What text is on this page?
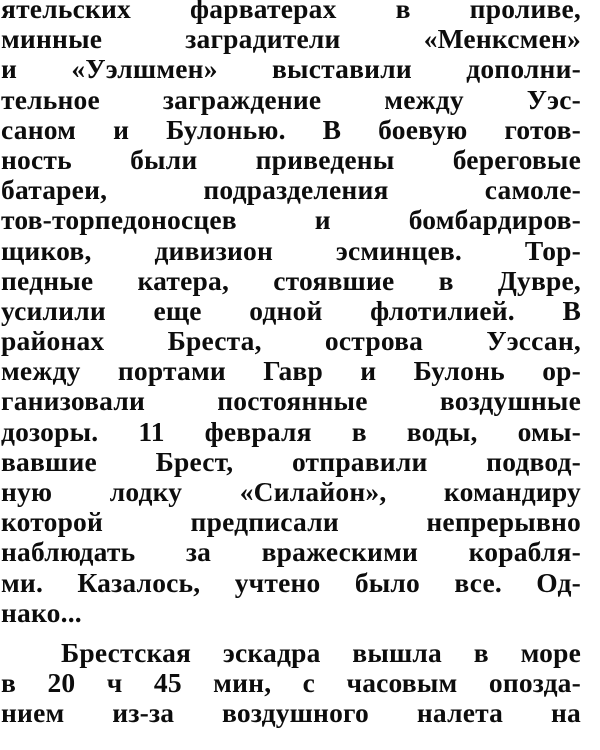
ятельских фарватерах в проливе,
минные заградители «Менксмен»
и «Уэлшмен» выставили дополни-
тельное заграждение между Уэс-
саном и Булонью. В боевую готов-
ность были приведены береговые
батареи, подразделения самоле-
тов-торпедоносцев и бомбардиров-
щиков, дивизион эсминцев. Тор-
педные катера, стоявшие в Дувре,
усилили еще одной флотилией. В
районах Бреста, острова Уэссан,
между портами Гавр и Булонь ор-
ганизовали постоянные воздушные
дозоры. 11 февраля в воды, омы-
вавшие Брест, отправили подвод-
ную лодку «Силайон», командиру
которой предписали непрерывно
наблюдать за вражескими корабля-
ми. Казалось, учтено было все. Од-
нако...
Брестская эскадра вышла в море
в 20 ч 45 мин, с часовым опозда-
нием из-за воздушного налета на
